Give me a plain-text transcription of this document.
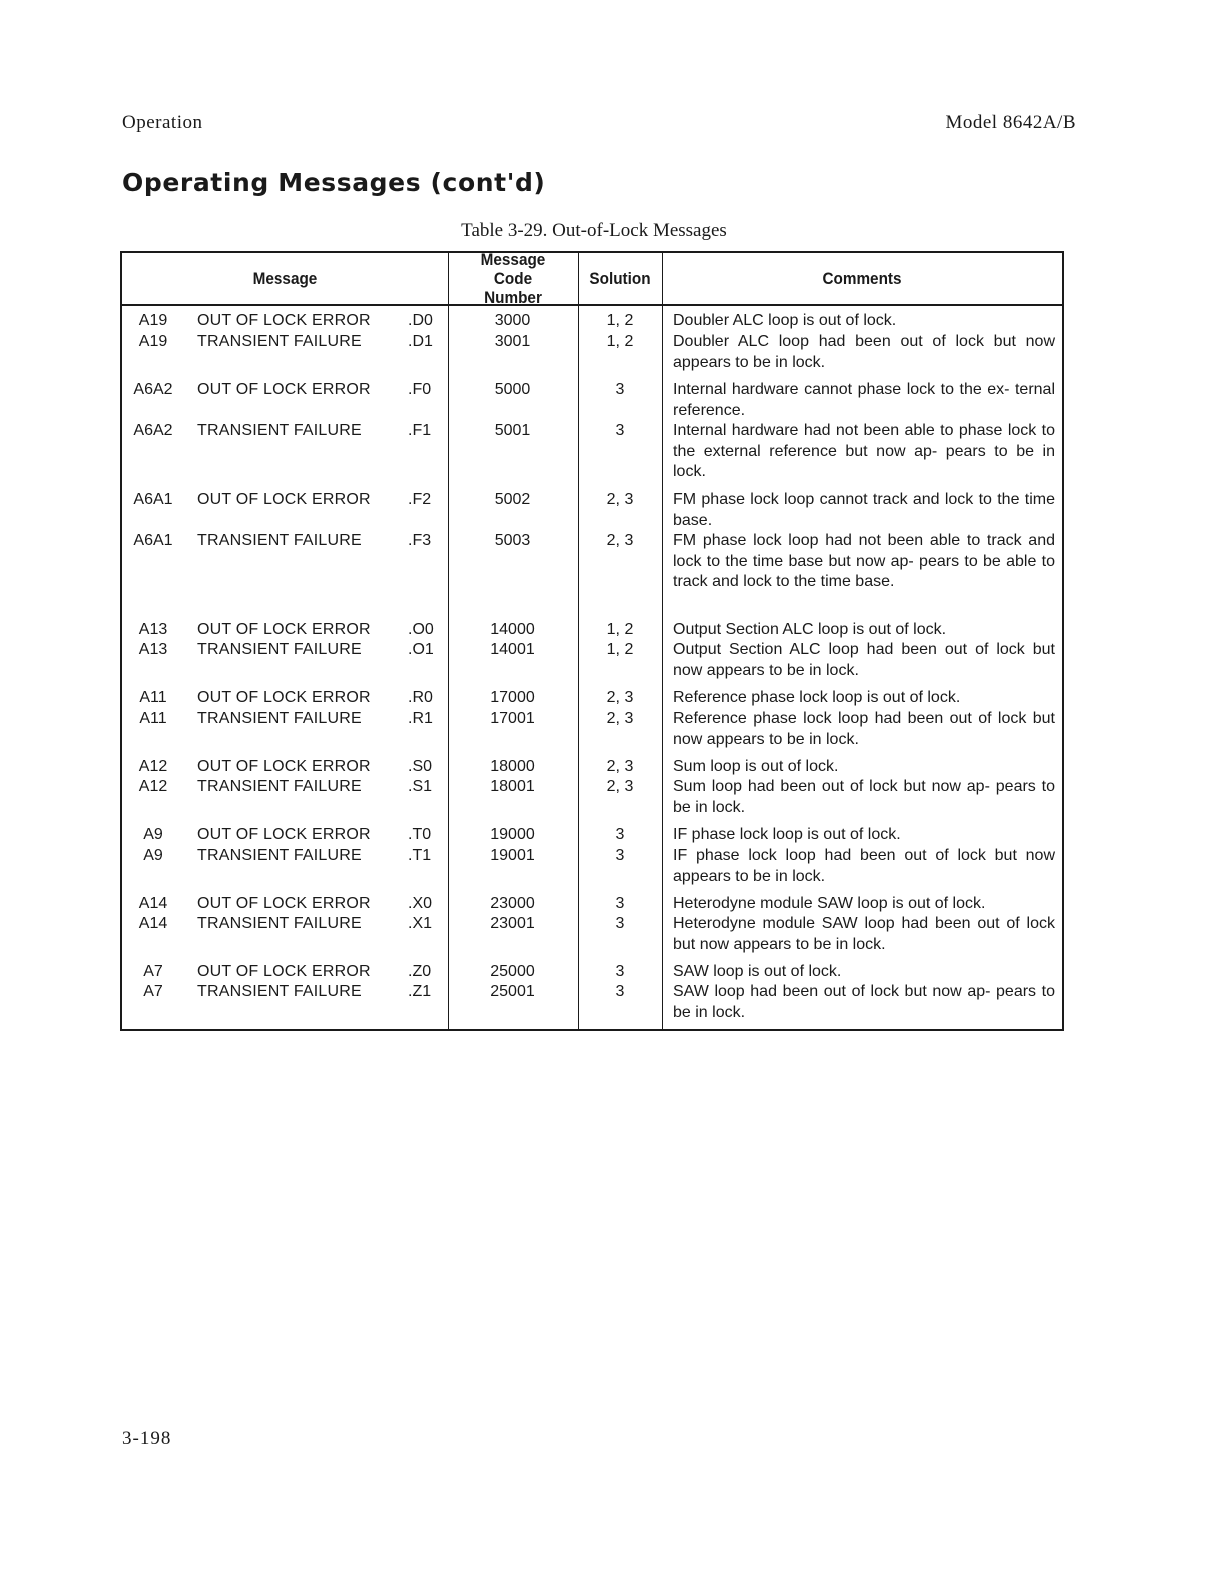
Operation	Model 8642A/B
Operating Messages (cont'd)
Table 3-29. Out-of-Lock Messages
Message
Message Code Number
Solution	Comments
A19	OUT OF LOCK ERROR	.D0	3000	1, 2	Doubler ALC loop is out of lock.
A19	TRANSIENT FAILURE	.D1	3001	1, 2	Doubler ALC loop had been out of lock but now appears to be in lock.
A6A2	OUT OF LOCK ERROR	.F0	5000	3	Internal hardware cannot phase lock to the ex- ternal reference.
A6A2	TRANSIENT FAILURE	.F1	5001	3	Internal hardware had not been able to phase lock to the external reference but now ap- pears to be in lock.
A6A1	OUT OF LOCK ERROR	.F2	5002	2, 3	FM phase lock loop cannot track and lock to the time base.
A6A1	TRANSIENT FAILURE	.F3	5003	2, 3	FM phase lock loop had not been able to track and lock to the time base but now ap- pears to be able to track and lock to the time base.
A13	OUT OF LOCK ERROR	.O0	14000	1, 2	Output Section ALC loop is out of lock.
A13	TRANSIENT FAILURE	.O1	14001	1, 2	Output Section ALC loop had been out of lock but now appears to be in lock.
A11	OUT OF LOCK ERROR	.R0	17000	2, 3	Reference phase lock loop is out of lock.
A11	TRANSIENT FAILURE	.R1	17001	2, 3	Reference phase lock loop had been out of lock but now appears to be in lock.
A12	OUT OF LOCK ERROR	.S0	18000	2, 3	Sum loop is out of lock.
A12	TRANSIENT FAILURE	.S1	18001	2, 3	Sum loop had been out of lock but now ap- pears to be in lock.
A9	OUT OF LOCK ERROR	.T0	19000	3	IF phase lock loop is out of lock.
A9	TRANSIENT FAILURE	.T1	19001	3	IF phase lock loop had been out of lock but now appears to be in lock.
A14	OUT OF LOCK ERROR	.X0	23000	3	Heterodyne module SAW loop is out of lock.
A14	TRANSIENT FAILURE	.X1	23001	3	Heterodyne module SAW loop had been out of lock but now appears to be in lock.
A7	OUT OF LOCK ERROR	.Z0	25000	3	SAW loop is out of lock.
A7	TRANSIENT FAILURE	.Z1	25001	3	SAW loop had been out of lock but now ap- pears to be in lock.
3-198
